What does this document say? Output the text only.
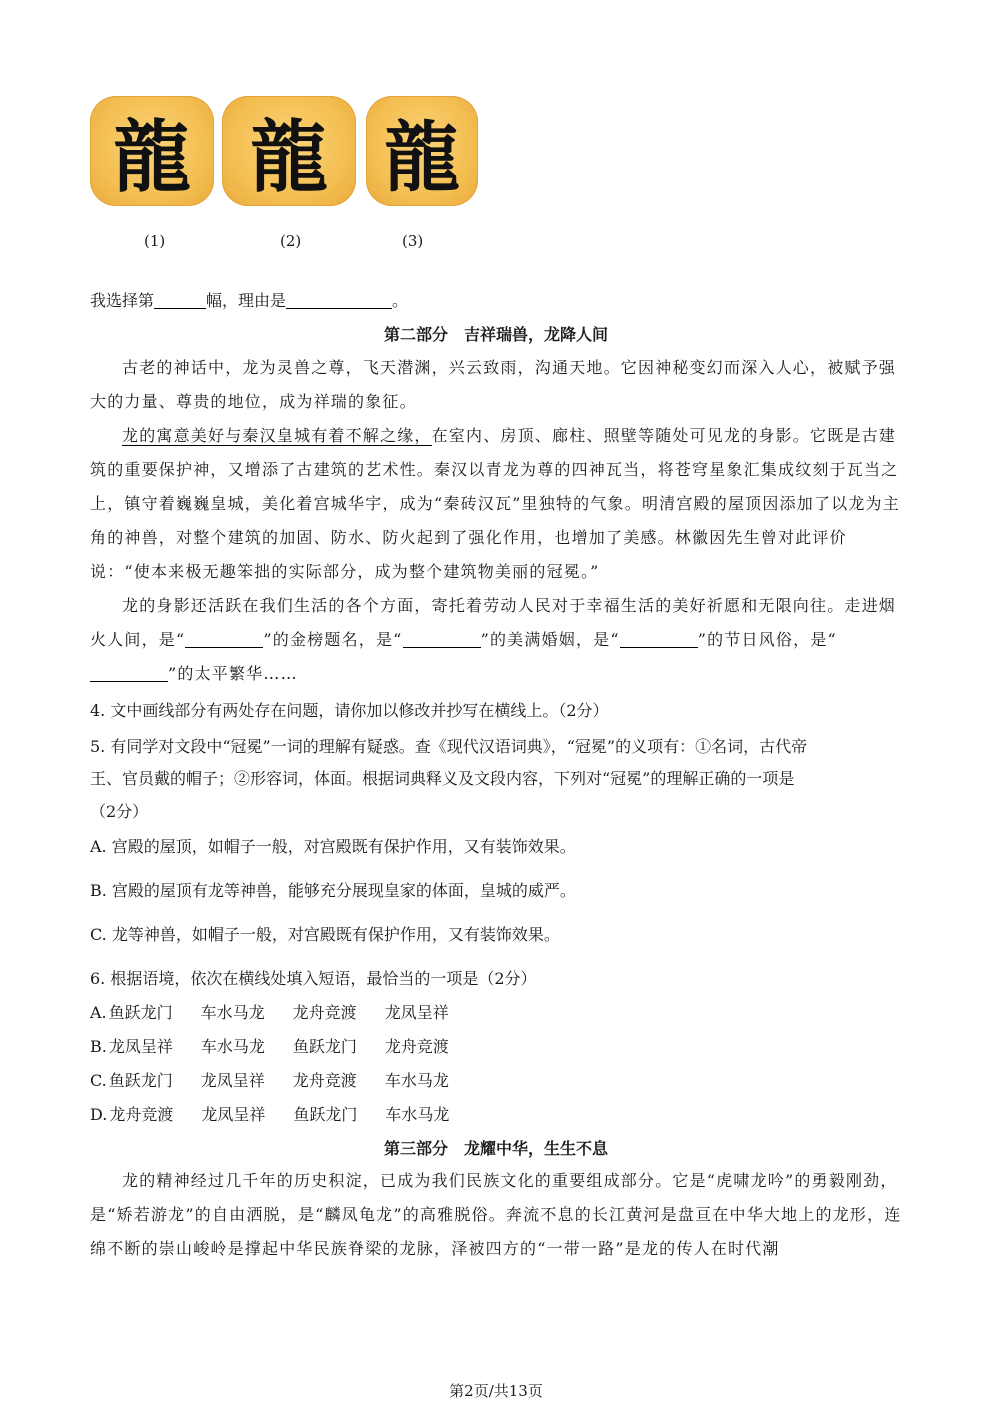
龍 龍 龍
(1)	(2)	(3)
我选择第	幅，理由是	。
第二部分　吉祥瑞兽，龙降人间
古老的神话中，龙为灵兽之尊，飞天潜渊，兴云致雨，沟通天地。它因神秘变幻而深入人心，被赋予强大的力量、尊贵的地位，成为祥瑞的象征。
龙的寓意美好与秦汉皇城有着不解之缘，在室内、房顶、廊柱、照壁等随处可见龙的身影。它既是古建筑的重要保护神，又增添了古建筑的艺术性。秦汉以青龙为尊的四神瓦当，将苍穹星象汇集成纹刻于瓦当之上，镇守着巍巍皇城，美化着宫城华宇，成为“秦砖汉瓦”里独特的气象。明清宫殿的屋顶因添加了以龙为主角的神兽，对整个建筑的加固、防水、防火起到了强化作用，也增加了美感。林徽因先生曾对此评价说：“使本来极无趣笨拙的实际部分，成为整个建筑物美丽的冠冕。”
龙的身影还活跃在我们生活的各个方面，寄托着劳动人民对于幸福生活的美好祈愿和无限向往。走进烟火人间，是“	”的金榜题名，是“	”的美满婚姻，是“	”的节日风俗，是“”的太平繁华……
4. 文中画线部分有两处存在问题，请你加以修改并抄写在横线上。（2分）
5. 有同学对文段中“冠冕”一词的理解有疑惑。查《现代汉语词典》，“冠冕”的义项有：①名词，古代帝
王、官员戴的帽子；②形容词，体面。根据词典释义及文段内容，下列对“冠冕”的理解正确的一项是
（2分）
A. 宫殿的屋顶，如帽子一般，对宫殿既有保护作用，又有装饰效果。
B. 宫殿的屋顶有龙等神兽，能够充分展现皇家的体面，皇城的威严。
C. 龙等神兽，如帽子一般，对宫殿既有保护作用，又有装饰效果。
6. 根据语境，依次在横线处填入短语，最恰当的一项是（2分）
A. 鱼跃龙门 车水马龙 龙舟竞渡 龙凤呈祥
B. 龙凤呈祥 车水马龙 鱼跃龙门 龙舟竞渡
C. 鱼跃龙门 龙凤呈祥 龙舟竞渡 车水马龙
D. 龙舟竞渡 龙凤呈祥 鱼跃龙门 车水马龙
第三部分　龙耀中华，生生不息
龙的精神经过几千年的历史积淀，已成为我们民族文化的重要组成部分。它是“虎啸龙吟”的勇毅刚劲，是“矫若游龙”的自由洒脱，是“麟凤龟龙”的高雅脱俗。奔流不息的长江黄河是盘亘在中华大地上的龙形，连绵不断的崇山峻岭是撑起中华民族脊梁的龙脉，泽被四方的“一带一路”是龙的传人在时代潮
第2页/共13页
